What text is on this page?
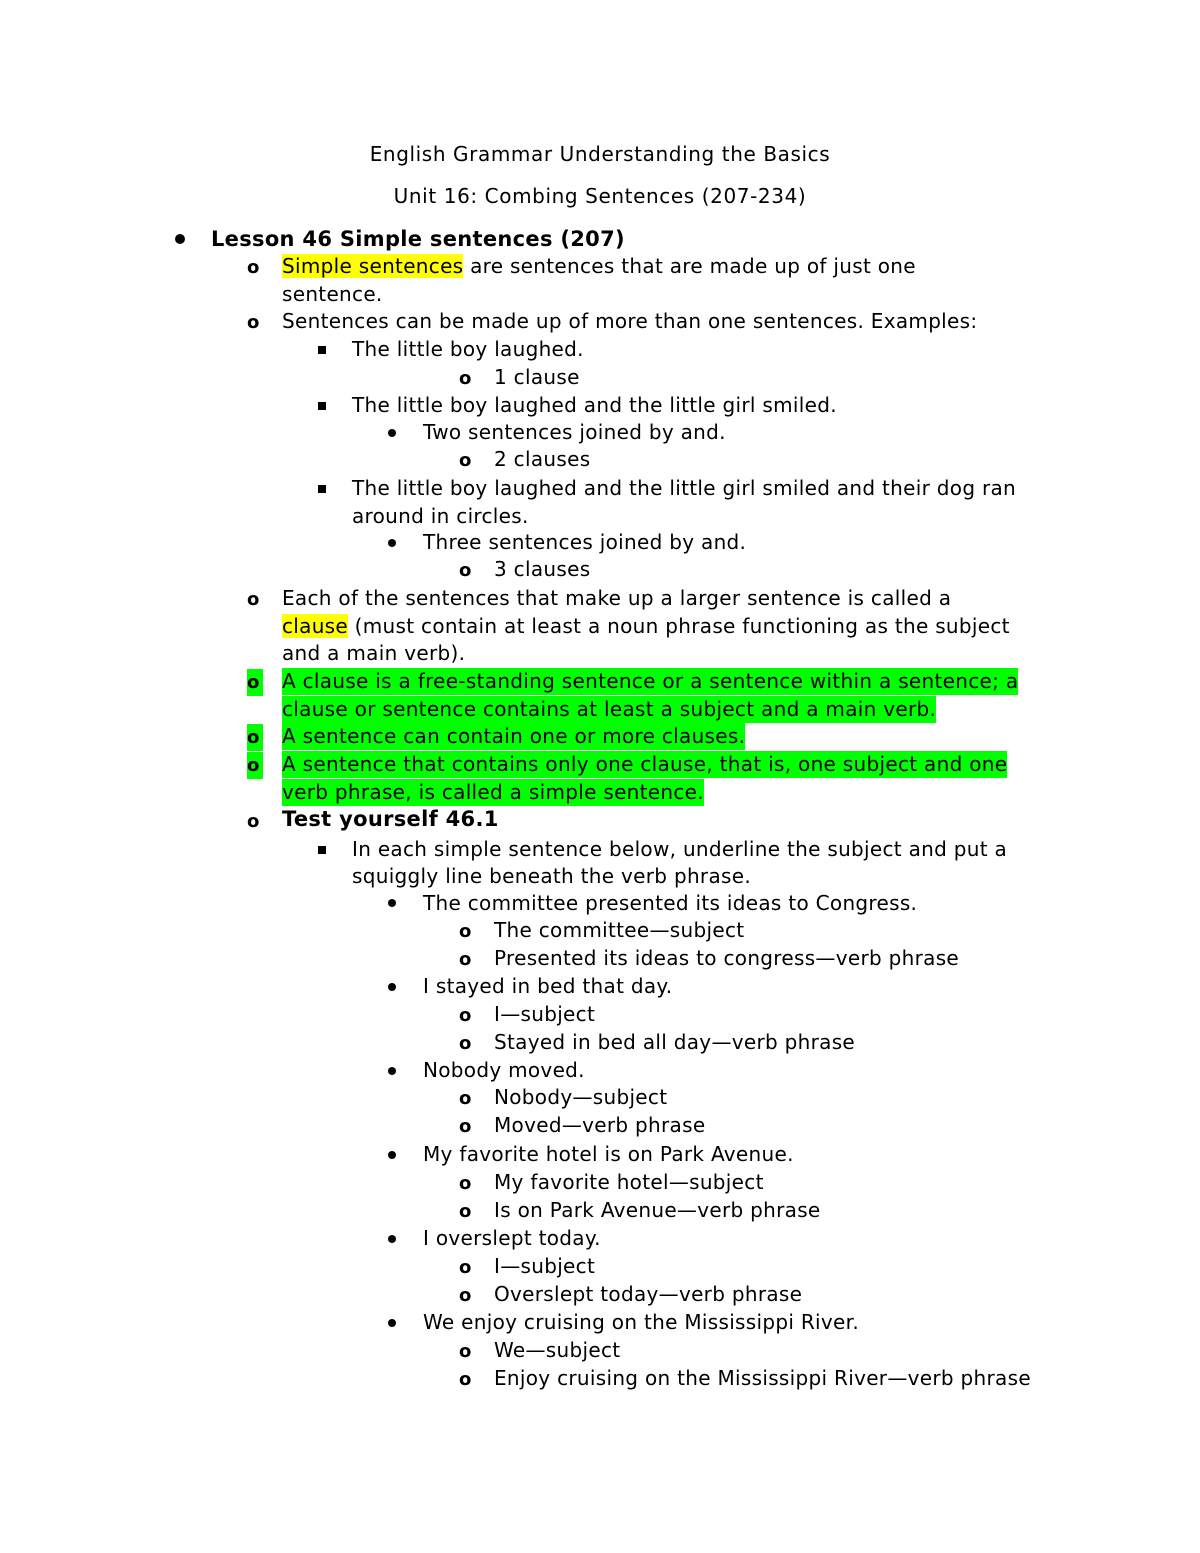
English Grammar Understanding the Basics
Unit 16: Combing Sentences (207-234)
Lesson 46 Simple sentences (207)
o Simple sentences are sentences that are made up of just one
sentence.
o Sentences can be made up of more than one sentences. Examples:
The little boy laughed.
o 1 clause
The little boy laughed and the little girl smiled.
Two sentences joined by and.
o 2 clauses
The little boy laughed and the little girl smiled and their dog ran
around in circles.
Three sentences joined by and.
o 3 clauses
o Each of the sentences that make up a larger sentence is called a
clause (must contain at least a noun phrase functioning as the subject
and a main verb).
o A clause is a free-standing sentence or a sentence within a sentence; a
clause or sentence contains at least a subject and a main verb.
o A sentence can contain one or more clauses.
o A sentence that contains only one clause, that is, one subject and one
verb phrase, is called a simple sentence.
o Test yourself 46.1
In each simple sentence below, underline the subject and put a
squiggly line beneath the verb phrase.
The committee presented its ideas to Congress.
o The committee—subject
o Presented its ideas to congress—verb phrase
I stayed in bed that day.
o I—subject
o Stayed in bed all day—verb phrase
Nobody moved.
o Nobody—subject
o Moved—verb phrase
My favorite hotel is on Park Avenue.
o My favorite hotel—subject
o Is on Park Avenue—verb phrase
I overslept today.
o I—subject
o Overslept today—verb phrase
We enjoy cruising on the Mississippi River.
o We—subject
o Enjoy cruising on the Mississippi River—verb phrase
